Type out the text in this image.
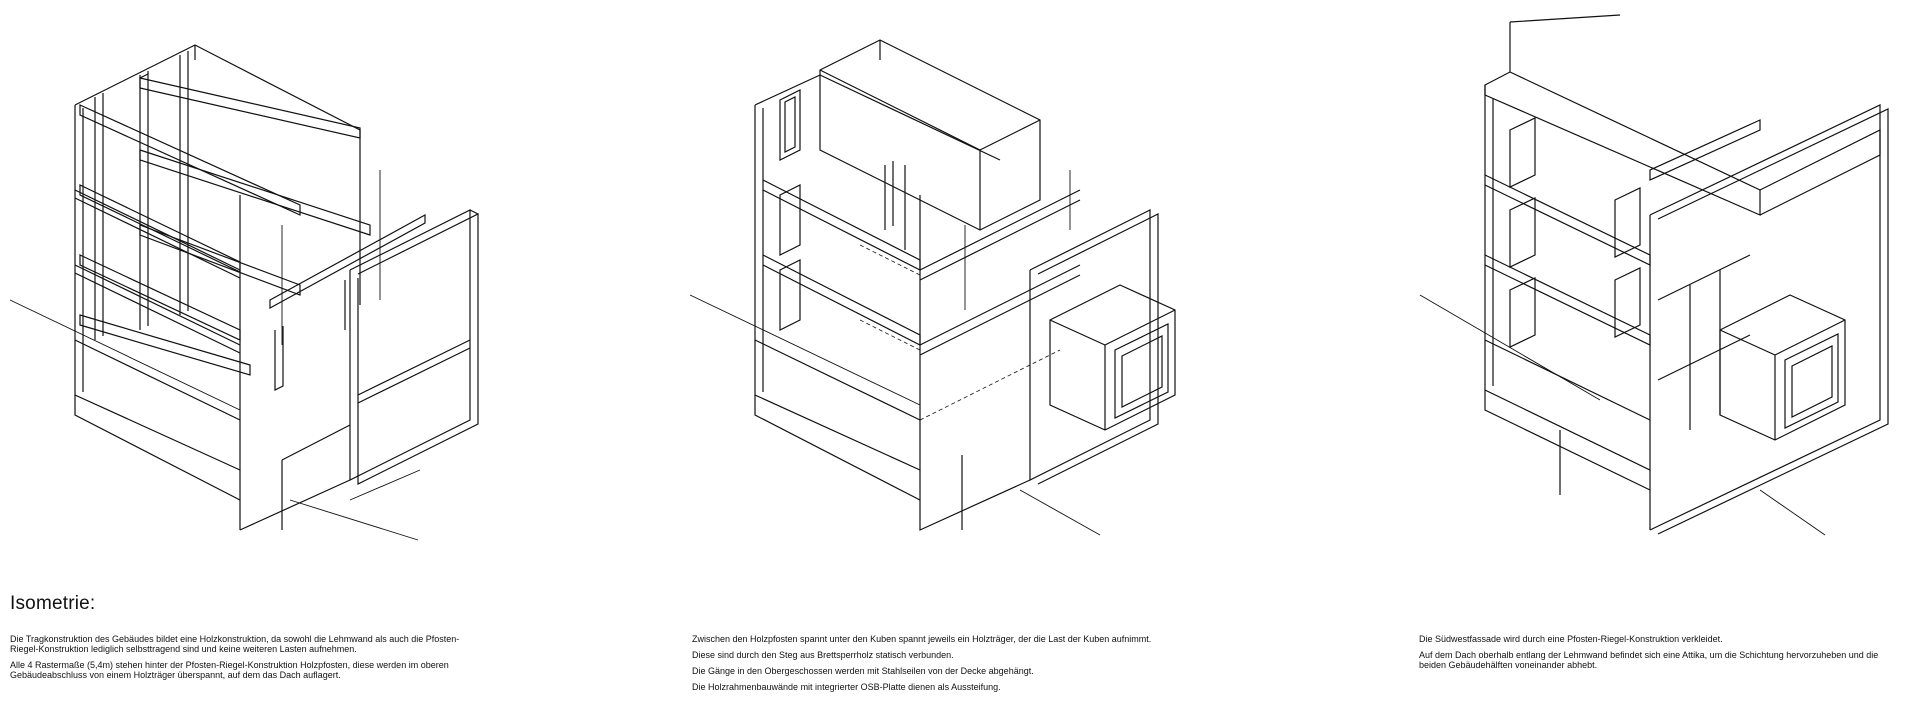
Isometrie:

Die Tragkonstruktion des Gebäudes bildet eine Holzkonstruktion, da sowohl die Lehmwand als auch die Pfosten-Riegel-Konstruktion lediglich selbsttragend sind und keine weiteren Lasten aufnehmen.

Alle 4 Rastermaße (5,4m) stehen hinter der Pfosten-Riegel-Konstruktion Holzpfosten, diese werden im oberen Gebäudeabschluss von einem Holzträger überspannt, auf dem das Dach auflagert.

Zwischen den Holzpfosten spannt unter den Kuben spannt jeweils ein Holzträger, der die Last der Kuben aufnimmt.

Diese sind durch den Steg aus Brettsperrholz statisch verbunden.

Die Gänge in den Obergeschossen werden mit Stahlseilen von der Decke abgehängt.

Die Holzrahmenbauwände mit integrierter OSB-Platte dienen als Aussteifung.

Die Südwestfassade wird durch eine Pfosten-Riegel-Konstruktion verkleidet.

Auf dem Dach oberhalb entlang der Lehmwand befindet sich eine Attika, um die Schichtung hervorzuheben und die beiden Gebäudehälften voneinander abhebt.
